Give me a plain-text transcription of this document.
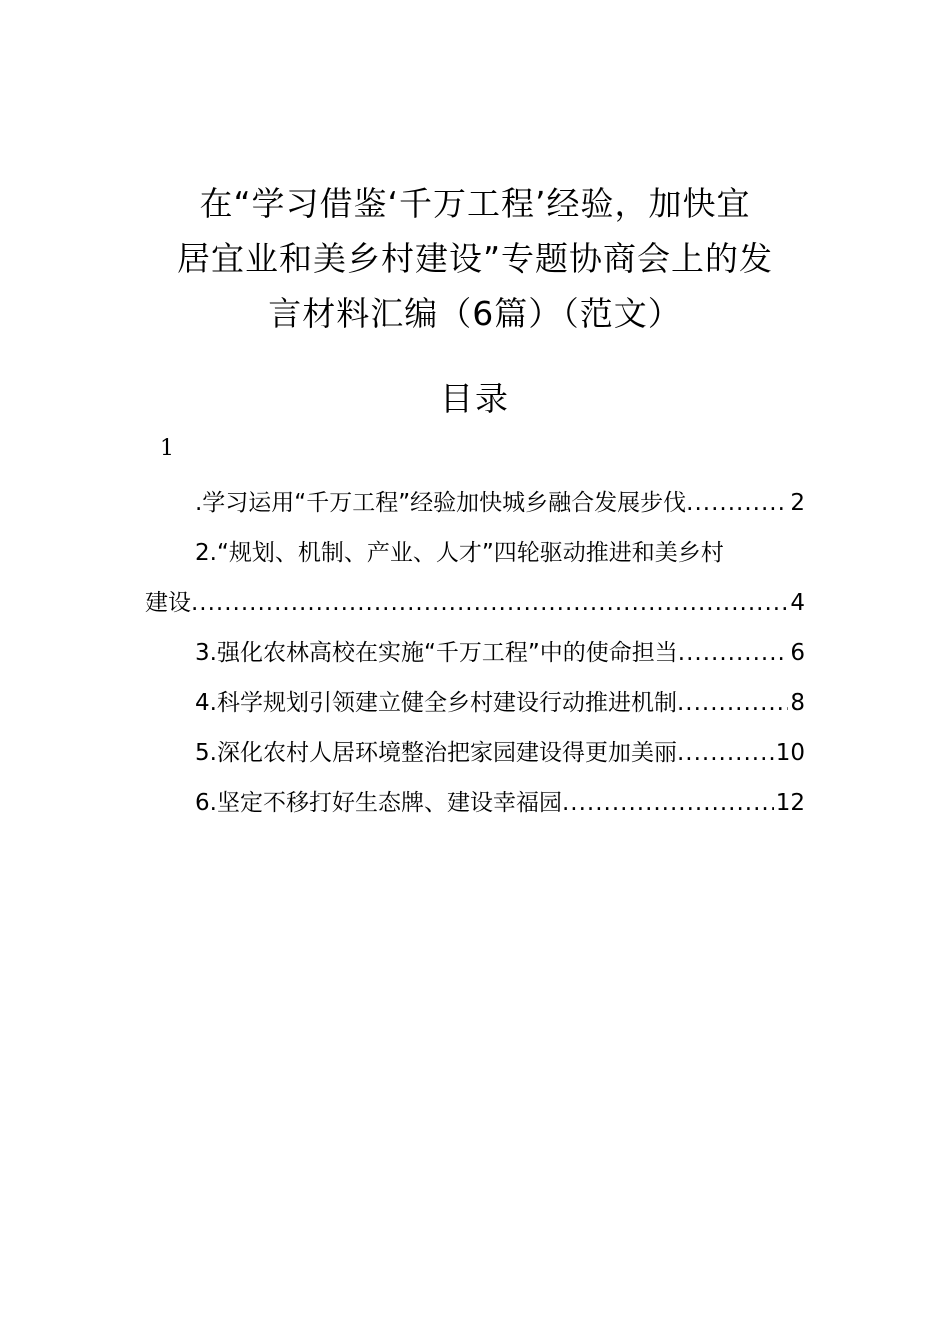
在“学习借鉴‘千万工程’经验，加快宜
居宜业和美乡村建设”专题协商会上的发
言材料汇编（6篇）（范文）
目录
1
.学习运用“千万工程”经验加快城乡融合发展步伐 .....	2
2.“规划、机制、产业、人才”四轮驱动推进和美乡村
建设 .....	4
3.强化农林高校在实施“千万工程”中的使命担当 .....	6
4.科学规划引领建立健全乡村建设行动推进机制 .....	8
5.深化农村人居环境整治把家园建设得更加美丽 .....	10
6.坚定不移打好生态牌、建设幸福园 .....	12
